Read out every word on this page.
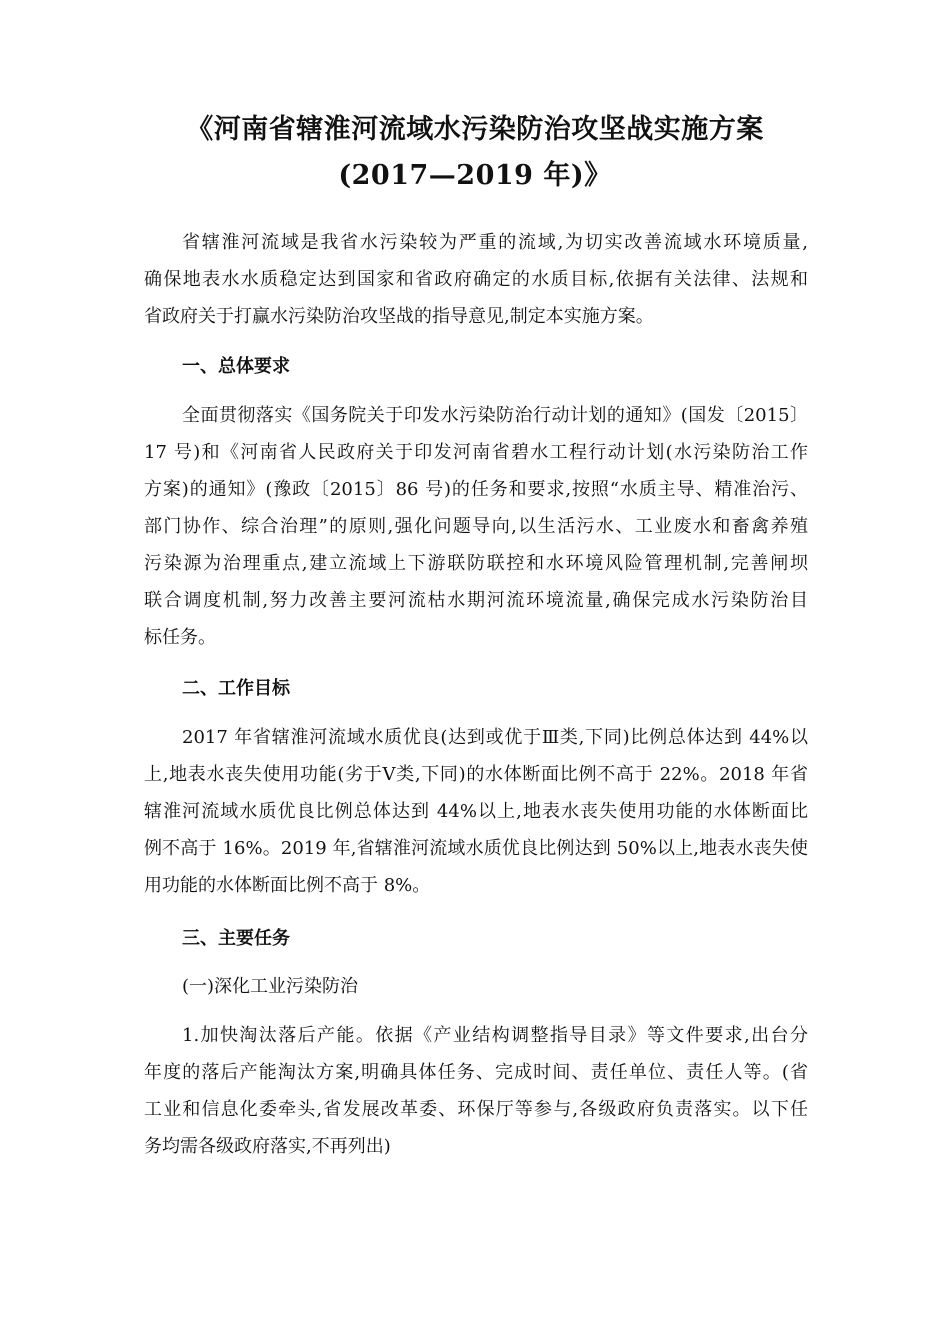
《河南省辖淮河流域水污染防治攻坚战实施方案
(2017—2019 年)》
省辖淮河流域是我省水污染较为严重的流域,为切实改善流域水环境质量,
确保地表水水质稳定达到国家和省政府确定的水质目标,依据有关法律、法规和
省政府关于打赢水污染防治攻坚战的指导意见,制定本实施方案。
一、总体要求
全面贯彻落实《国务院关于印发水污染防治行动计划的通知》(国发〔2015〕
17 号)和《河南省人民政府关于印发河南省碧水工程行动计划(水污染防治工作
方案)的通知》(豫政〔2015〕86 号)的任务和要求,按照“水质主导、精准治污、
部门协作、综合治理”的原则,强化问题导向,以生活污水、工业废水和畜禽养殖
污染源为治理重点,建立流域上下游联防联控和水环境风险管理机制,完善闸坝
联合调度机制,努力改善主要河流枯水期河流环境流量,确保完成水污染防治目
标任务。
二、工作目标
2017 年省辖淮河流域水质优良(达到或优于Ⅲ类,下同)比例总体达到 44%以
上,地表水丧失使用功能(劣于Ⅴ类,下同)的水体断面比例不高于 22%。2018 年省
辖淮河流域水质优良比例总体达到 44%以上,地表水丧失使用功能的水体断面比
例不高于 16%。2019 年,省辖淮河流域水质优良比例达到 50%以上,地表水丧失使
用功能的水体断面比例不高于 8%。
三、主要任务
(一)深化工业污染防治
1.加快淘汰落后产能。依据《产业结构调整指导目录》等文件要求,出台分
年度的落后产能淘汰方案,明确具体任务、完成时间、责任单位、责任人等。(省
工业和信息化委牵头,省发展改革委、环保厅等参与,各级政府负责落实。以下任
务均需各级政府落实,不再列出)
